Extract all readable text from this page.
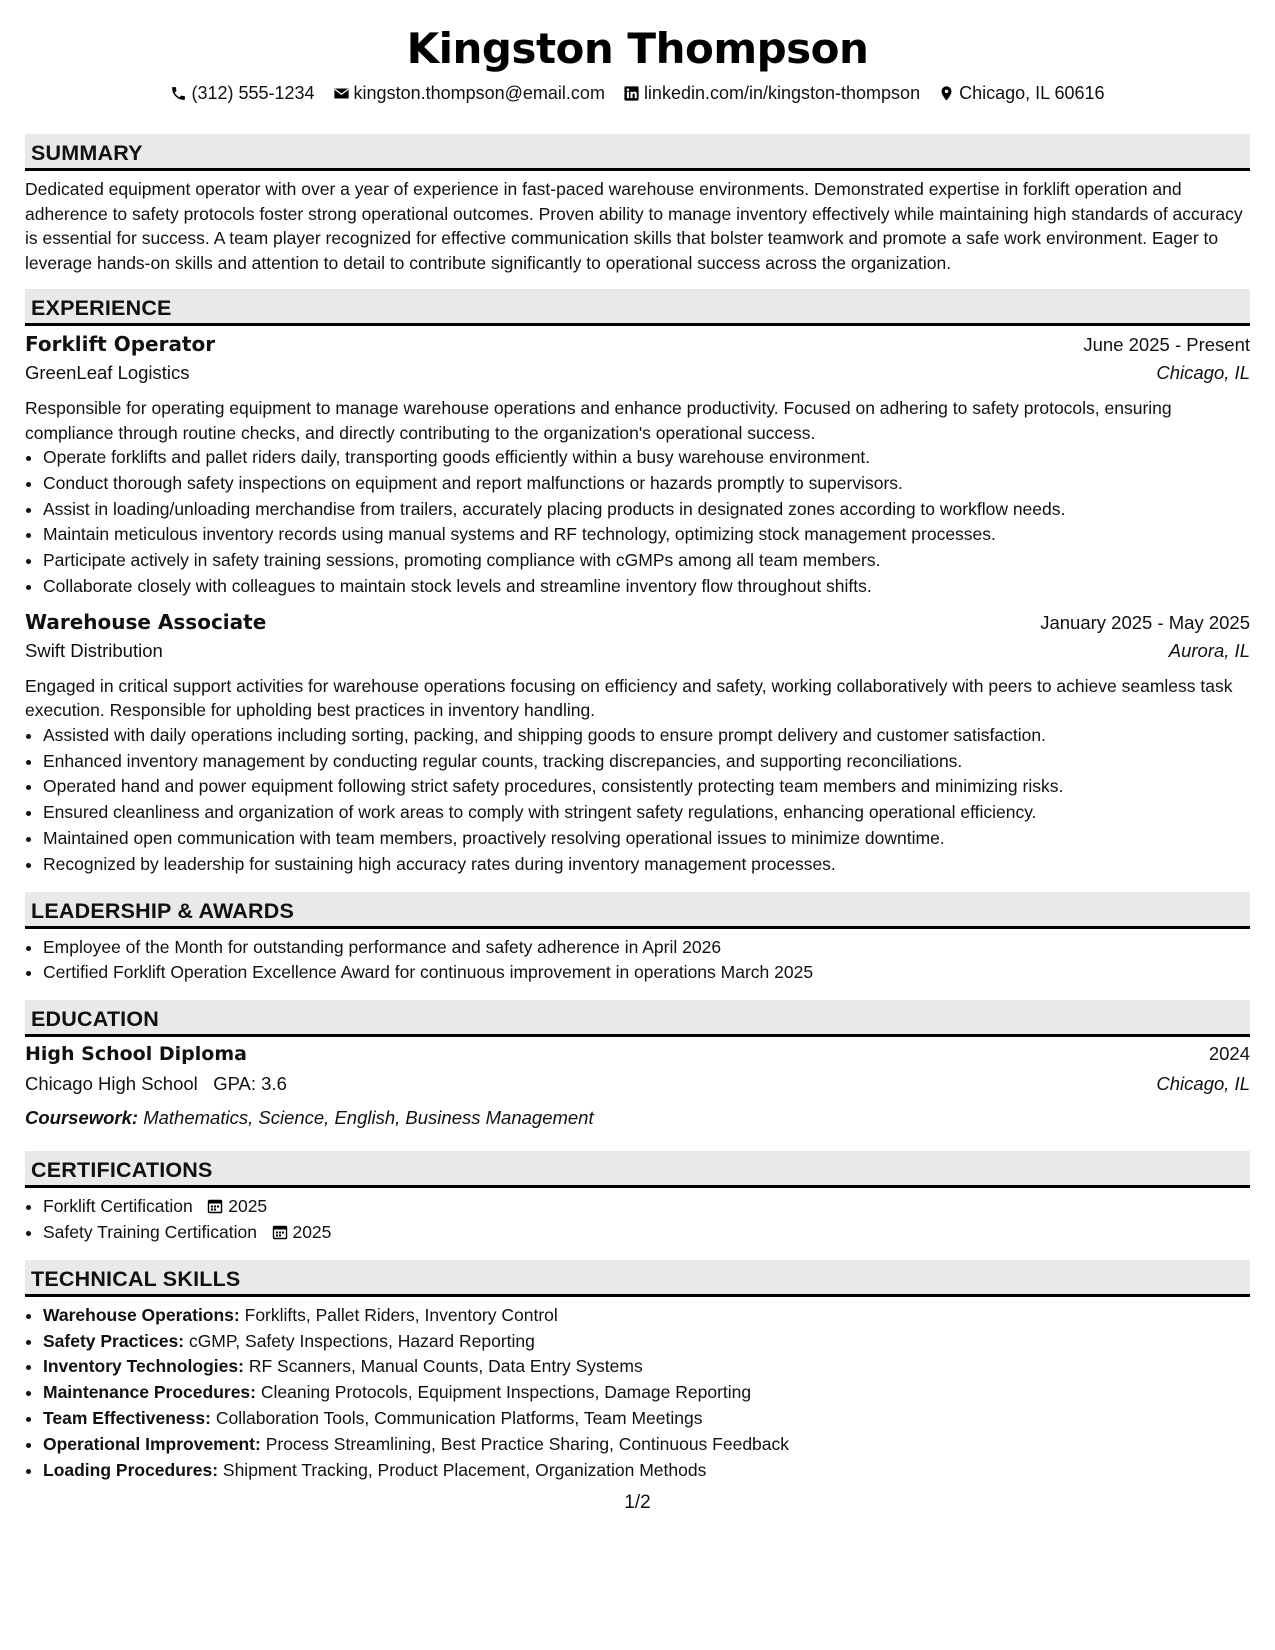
Kingston Thompson
(312) 555-1234 kingston.thompson@email.com linkedin.com/in/kingston-thompson Chicago, IL 60616
SUMMARY
Dedicated equipment operator with over a year of experience in fast-paced warehouse environments. Demonstrated expertise in forklift operation and adherence to safety protocols foster strong operational outcomes. Proven ability to manage inventory effectively while maintaining high standards of accuracy is essential for success. A team player recognized for effective communication skills that bolster teamwork and promote a safe work environment. Eager to leverage hands-on skills and attention to detail to contribute significantly to operational success across the organization.
EXPERIENCE
Forklift Operator	June 2025 - Present
GreenLeaf Logistics	Chicago, IL
Responsible for operating equipment to manage warehouse operations and enhance productivity. Focused on adhering to safety protocols, ensuring compliance through routine checks, and directly contributing to the organization's operational success.
• Operate forklifts and pallet riders daily, transporting goods efficiently within a busy warehouse environment.
• Conduct thorough safety inspections on equipment and report malfunctions or hazards promptly to supervisors.
• Assist in loading/unloading merchandise from trailers, accurately placing products in designated zones according to workflow needs.
• Maintain meticulous inventory records using manual systems and RF technology, optimizing stock management processes.
• Participate actively in safety training sessions, promoting compliance with cGMPs among all team members.
• Collaborate closely with colleagues to maintain stock levels and streamline inventory flow throughout shifts.
Warehouse Associate	January 2025 - May 2025
Swift Distribution	Aurora, IL
Engaged in critical support activities for warehouse operations focusing on efficiency and safety, working collaboratively with peers to achieve seamless task execution. Responsible for upholding best practices in inventory handling.
• Assisted with daily operations including sorting, packing, and shipping goods to ensure prompt delivery and customer satisfaction.
• Enhanced inventory management by conducting regular counts, tracking discrepancies, and supporting reconciliations.
• Operated hand and power equipment following strict safety procedures, consistently protecting team members and minimizing risks.
• Ensured cleanliness and organization of work areas to comply with stringent safety regulations, enhancing operational efficiency.
• Maintained open communication with team members, proactively resolving operational issues to minimize downtime.
• Recognized by leadership for sustaining high accuracy rates during inventory management processes.
LEADERSHIP & AWARDS
• Employee of the Month for outstanding performance and safety adherence in April 2026
• Certified Forklift Operation Excellence Award for continuous improvement in operations March 2025
EDUCATION
High School Diploma	2024
Chicago High School GPA: 3.6	Chicago, IL
Coursework: Mathematics, Science, English, Business Management
CERTIFICATIONS
• Forklift Certification 2025
• Safety Training Certification 2025
TECHNICAL SKILLS
• Warehouse Operations: Forklifts, Pallet Riders, Inventory Control
• Safety Practices: cGMP, Safety Inspections, Hazard Reporting
• Inventory Technologies: RF Scanners, Manual Counts, Data Entry Systems
• Maintenance Procedures: Cleaning Protocols, Equipment Inspections, Damage Reporting
• Team Effectiveness: Collaboration Tools, Communication Platforms, Team Meetings
• Operational Improvement: Process Streamlining, Best Practice Sharing, Continuous Feedback
• Loading Procedures: Shipment Tracking, Product Placement, Organization Methods
1/2
